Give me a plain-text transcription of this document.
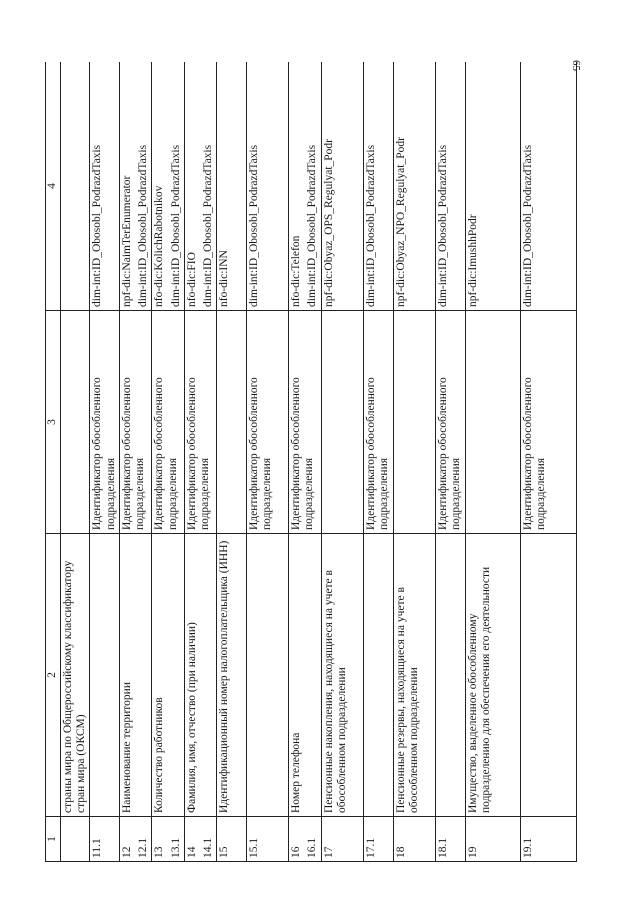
65
1	2	3	4
	страны мира по Общероссийскому классификатору стран мира (ОКСМ)		
11.1		Идентификатор обособленного подразделения	dim-int:ID_Obosobl_PodrazdTaxis

12 12.1	Наименование территории	Идентификатор обособленного подразделения	npf-dic:NaimTerEnumerator dim-int:ID_Obosobl_PodrazdTaxis

13 13.1	Количество работников	Идентификатор обособленного подразделения	nfo-dic:KolichRabotnikov dim-int:ID_Obosobl_PodrazdTaxis

14 14.1	Фамилия, имя, отчество (при наличии)	Идентификатор обособленного подразделения	nfo-dic:FIO dim-int:ID_Obosobl_PodrazdTaxis

15	Идентификационный номер налогоплательщика (ИНН)		nfo-dic:INN
15.1		Идентификатор обособленного подразделения	dim-int:ID_Obosobl_PodrazdTaxis

16 16.1	Номер телефона	Идентификатор обособленного подразделения	nfo-dic:Telefon dim-int:ID_Obosobl_PodrazdTaxis

17	Пенсионные накопления, находящиеся на учете в обособленном подразделении		npf-dic:Obyaz_OPS_Regulyat_Podr
17.1		Идентификатор обособленного подразделения	dim-int:ID_Obosobl_PodrazdTaxis
18	Пенсионные резервы, находящиеся на учете в обособленном подразделении		npf-dic:Obyaz_NPO_Regulyat_Podr
18.1		Идентификатор обособленного подразделения	dim-int:ID_Obosobl_PodrazdTaxis
19	Имущество, выделенное обособленному подразделению для обеспечения его деятельности		npf-dic:ImushhPodr
19.1		Идентификатор обособленного подразделения	dim-int:ID_Obosobl_PodrazdTaxis
